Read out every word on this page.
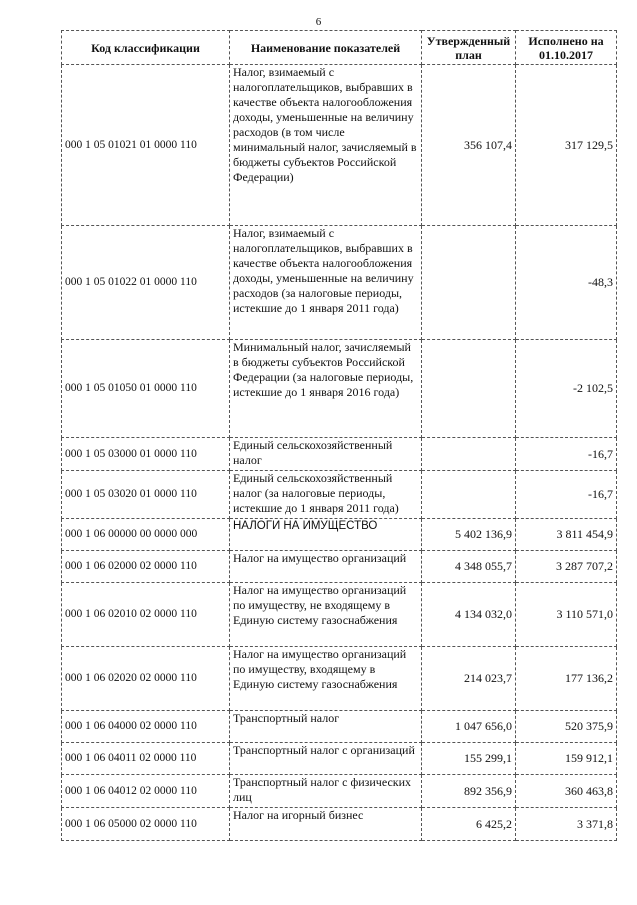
6
Код классификации	Наименование показателей	Утвержденный план	Исполнено на 01.10.2017
000 1 05 01021 01 0000 110	Налог, взимаемый с налогоплательщиков, выбравших в качестве объекта налогообложения доходы, уменьшенные на величину расходов (в том числе минимальный налог, зачисляемый в бюджеты субъектов Российской Федерации)	356 107,4	317 129,5
000 1 05 01022 01 0000 110	Налог, взимаемый с налогоплательщиков, выбравших в качестве объекта налогообложения доходы, уменьшенные на величину расходов (за налоговые периоды, истекшие до 1 января 2011 года)		-48,3
000 1 05 01050 01 0000 110	Минимальный налог, зачисляемый в бюджеты субъектов Российской Федерации (за налоговые периоды, истекшие до 1 января 2016 года)		-2 102,5
000 1 05 03000 01 0000 110	Единый сельскохозяйственный налог		-16,7
000 1 05 03020 01 0000 110	Единый сельскохозяйственный налог (за налоговые периоды, истекшие до 1 января 2011 года)		-16,7
000 1 06 00000 00 0000 000	НАЛОГИ НА ИМУЩЕСТВО	5 402 136,9	3 811 454,9
000 1 06 02000 02 0000 110	Налог на имущество организаций	4 348 055,7	3 287 707,2
000 1 06 02010 02 0000 110	Налог на имущество организаций по имуществу, не входящему в Единую систему газоснабжения	4 134 032,0	3 110 571,0
000 1 06 02020 02 0000 110	Налог на имущество организаций по имуществу, входящему в Единую систему газоснабжения	214 023,7	177 136,2
000 1 06 04000 02 0000 110	Транспортный налог	1 047 656,0	520 375,9
000 1 06 04011 02 0000 110	Транспортный налог с организаций	155 299,1	159 912,1
000 1 06 04012 02 0000 110	Транспортный налог с физических лиц	892 356,9	360 463,8
000 1 06 05000 02 0000 110	Налог на игорный бизнес	6 425,2	3 371,8
